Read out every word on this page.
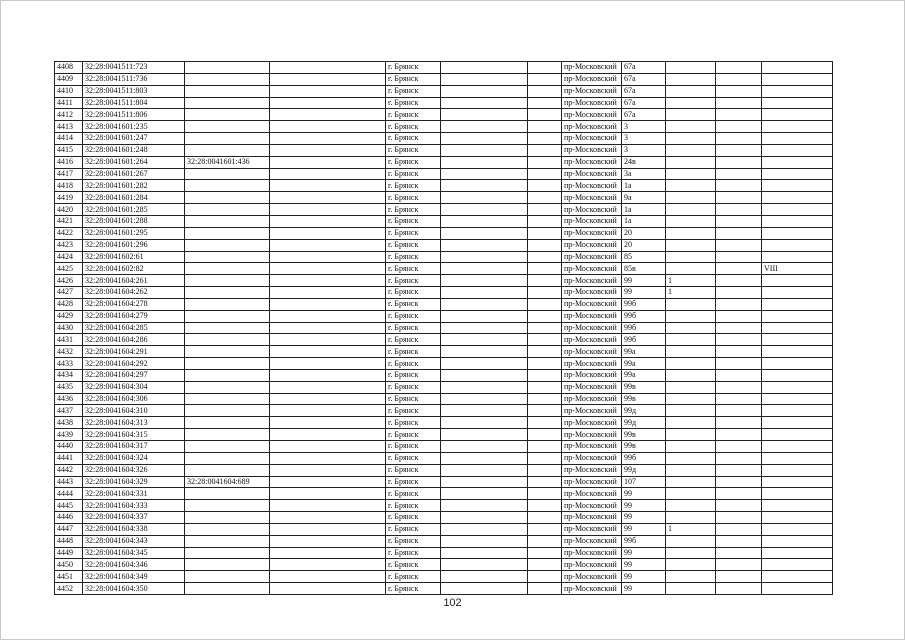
4408	32:28:0041511:723			г. Брянск			пр-Московский	67а			
4409	32:28:0041511:736			г. Брянск			пр-Московский	67а			
4410	32:28:0041511:803			г. Брянск			пр-Московский	67а			
4411	32:28:0041511:804			г. Брянск			пр-Московский	67а			
4412	32:28:0041511:806			г. Брянск			пр-Московский	67а			
4413	32:28:0041601:235			г. Брянск			пр-Московский	3			
4414	32:28:0041601:247			г. Брянск			пр-Московский	3			
4415	32:28:0041601:248			г. Брянск			пр-Московский	3			
4416	32:28:0041601:264	32:28:0041601:436		г. Брянск			пр-Московский	24в			
4417	32:28:0041601:267			г. Брянск			пр-Московский	3а			
4418	32:28:0041601:282			г. Брянск			пр-Московский	1а			
4419	32:28:0041601:284			г. Брянск			пр-Московский	9а			
4420	32:28:0041601:285			г. Брянск			пр-Московский	1а			
4421	32:28:0041601:288			г. Брянск			пр-Московский	1а			
4422	32:28:0041601:295			г. Брянск			пр-Московский	20			
4423	32:28:0041601:296			г. Брянск			пр-Московский	20			
4424	32:28:0041602:61			г. Брянск			пр-Московский	85			
4425	32:28:0041602:82			г. Брянск			пр-Московский	85в			VIII
4426	32:28:0041604:261			г. Брянск			пр-Московский	99	1		
4427	32:28:0041604:262			г. Брянск			пр-Московский	99	1		
4428	32:28:0041604:278			г. Брянск			пр-Московский	99б			
4429	32:28:0041604:279			г. Брянск			пр-Московский	99б			
4430	32:28:0041604:285			г. Брянск			пр-Московский	99б			
4431	32:28:0041604:286			г. Брянск			пр-Московский	99б			
4432	32:28:0041604:291			г. Брянск			пр-Московский	99а			
4433	32:28:0041604:292			г. Брянск			пр-Московский	99а			
4434	32:28:0041604:297			г. Брянск			пр-Московский	99а			
4435	32:28:0041604:304			г. Брянск			пр-Московский	99в			
4436	32:28:0041604:306			г. Брянск			пр-Московский	99в			
4437	32:28:0041604:310			г. Брянск			пр-Московский	99д			
4438	32:28:0041604:313			г. Брянск			пр-Московский	99д			
4439	32:28:0041604:315			г. Брянск			пр-Московский	99в			
4440	32:28:0041604:317			г. Брянск			пр-Московский	99в			
4441	32:28:0041604:324			г. Брянск			пр-Московский	99б			
4442	32:28:0041604:326			г. Брянск			пр-Московский	99д			
4443	32:28:0041604:329	32:28:0041604:689		г. Брянск			пр-Московский	107			
4444	32:28:0041604:331			г. Брянск			пр-Московский	99			
4445	32:28:0041604:333			г. Брянск			пр-Московский	99			
4446	32:28:0041604:337			г. Брянск			пр-Московский	99			
4447	32:28:0041604:338			г. Брянск			пр-Московский	99	1		
4448	32:28:0041604:343			г. Брянск			пр-Московский	99б			
4449	32:28:0041604:345			г. Брянск			пр-Московский	99			
4450	32:28:0041604:346			г. Брянск			пр-Московский	99			
4451	32:28:0041604:349			г. Брянск			пр-Московский	99			
4452	32:28:0041604:350			г. Брянск			пр-Московский	99			
102
